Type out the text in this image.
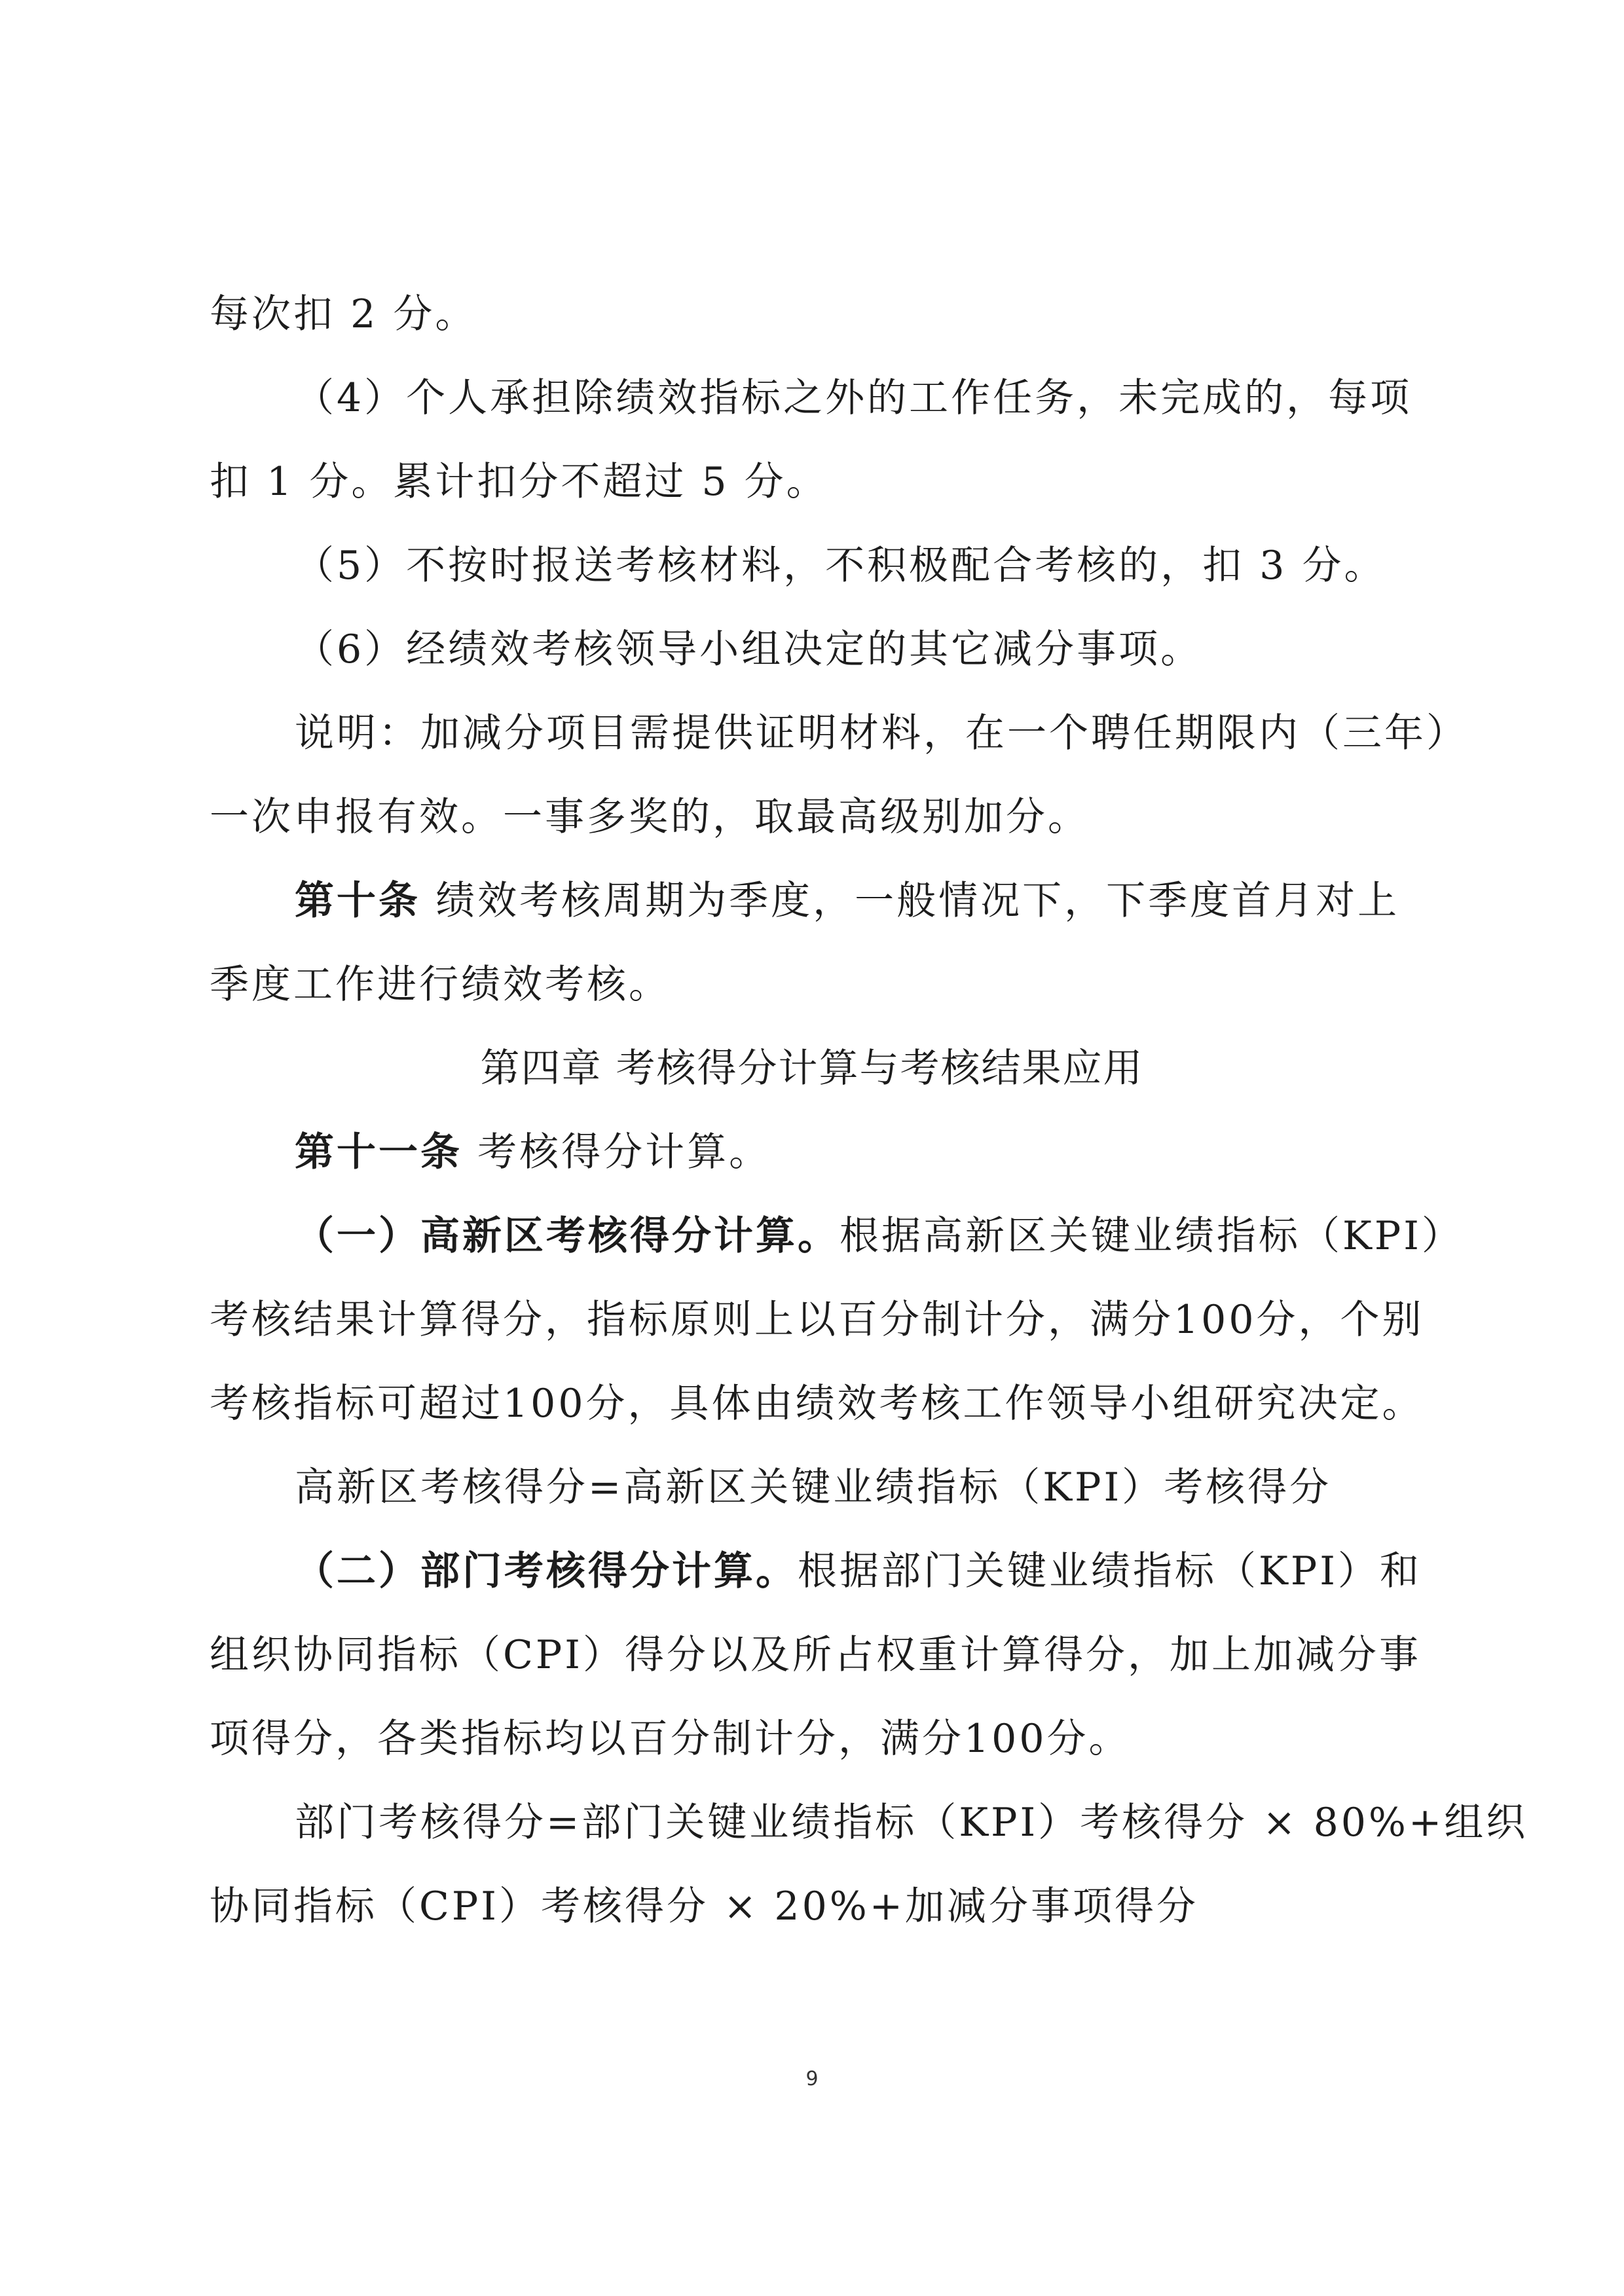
每次扣 2 分。
（4）个人承担除绩效指标之外的工作任务，未完成的，每项
扣 1 分。累计扣分不超过 5 分。
（5）不按时报送考核材料，不积极配合考核的，扣 3 分。
（6）经绩效考核领导小组决定的其它减分事项。
说明：加减分项目需提供证明材料，在一个聘任期限内（三年）
一次申报有效。一事多奖的，取最高级别加分。
第十条 绩效考核周期为季度，一般情况下，下季度首月对上
季度工作进行绩效考核。
第四章 考核得分计算与考核结果应用
第十一条 考核得分计算。
（一）高新区考核得分计算。根据高新区关键业绩指标（KPI）
考核结果计算得分，指标原则上以百分制计分，满分100分，个别
考核指标可超过100分，具体由绩效考核工作领导小组研究决定。
高新区考核得分=高新区关键业绩指标（KPI）考核得分
（二）部门考核得分计算。根据部门关键业绩指标（KPI）和
组织协同指标（CPI）得分以及所占权重计算得分，加上加减分事
项得分，各类指标均以百分制计分，满分100分。
部门考核得分=部门关键业绩指标（KPI）考核得分 × 80%+组织
协同指标（CPI）考核得分 × 20%+加减分事项得分
9
